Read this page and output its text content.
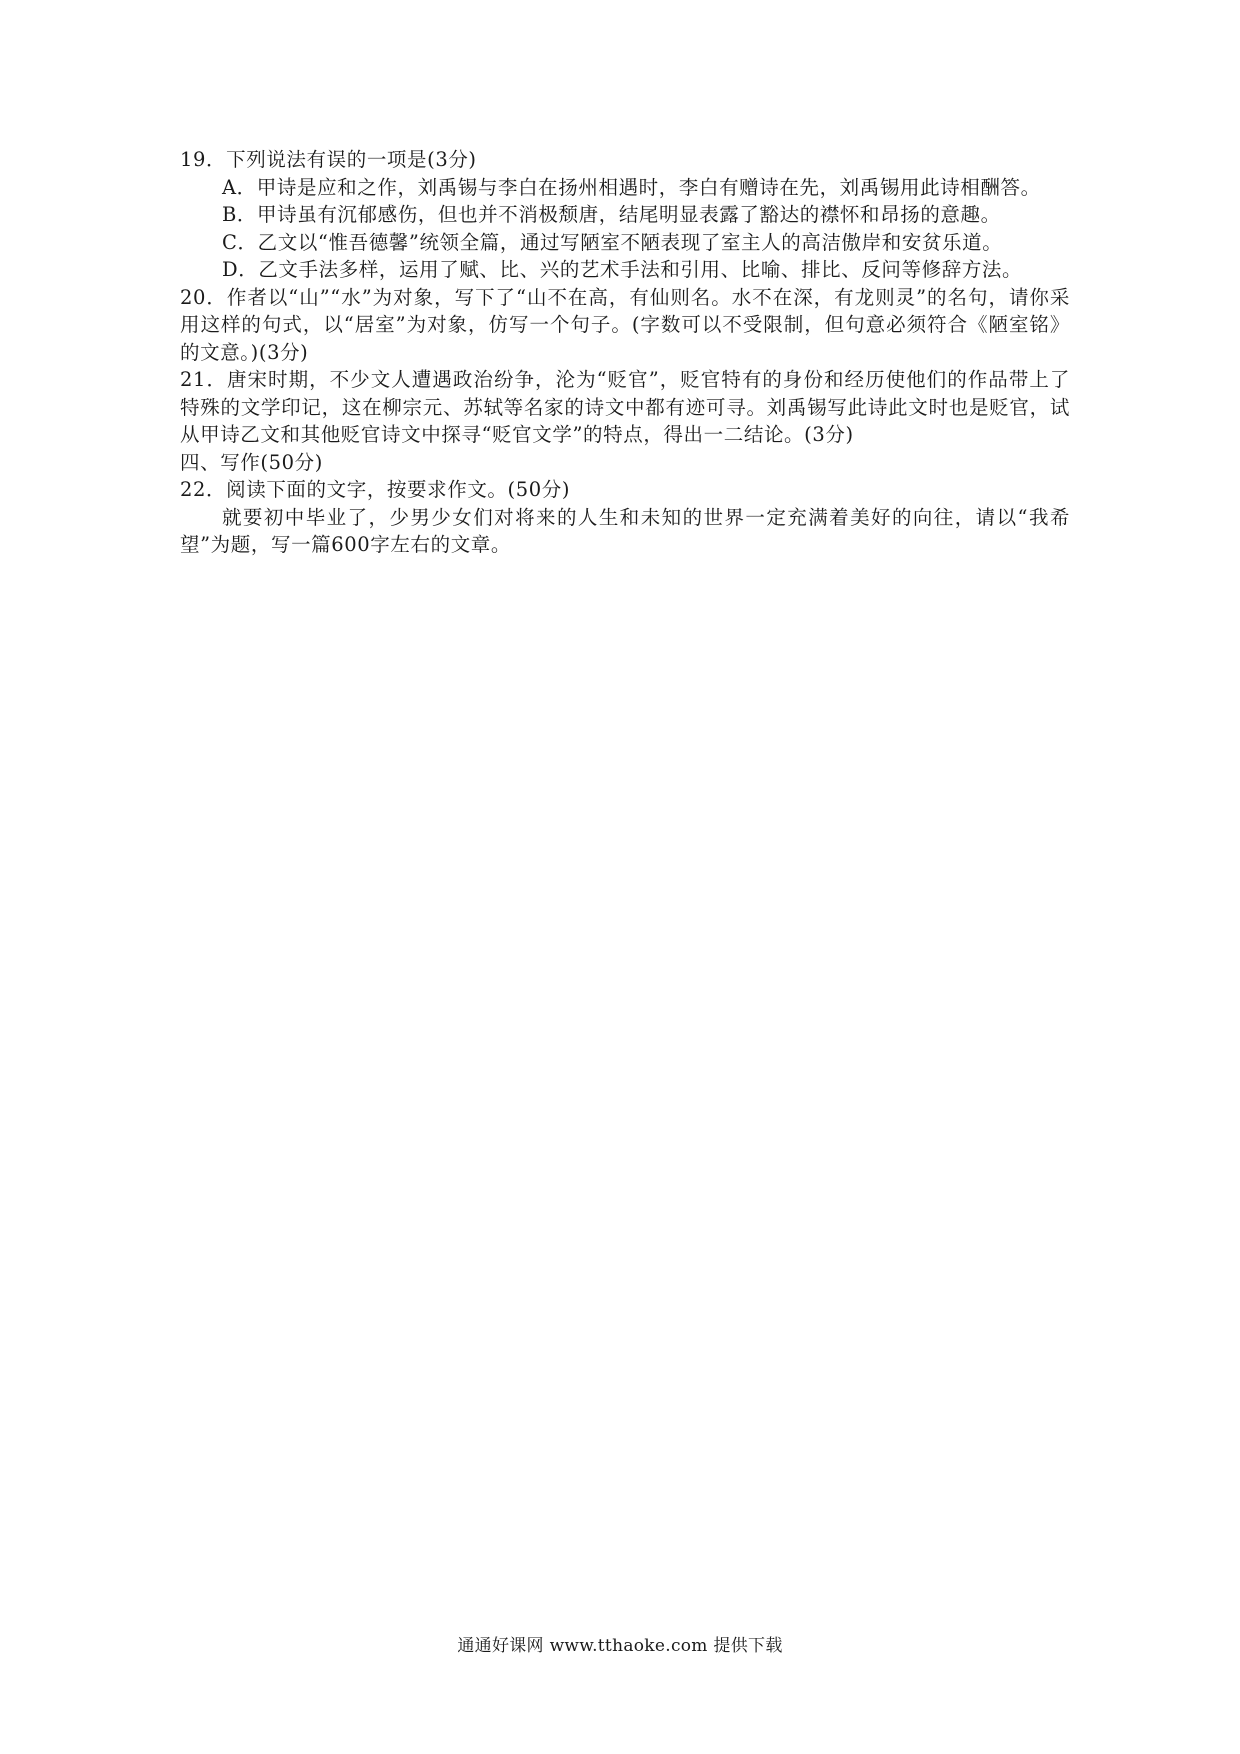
19．下列说法有误的一项是(3分)
A．甲诗是应和之作，刘禹锡与李白在扬州相遇时，李白有赠诗在先，刘禹锡用此诗相酬答。
B．甲诗虽有沉郁感伤，但也并不消极颓唐，结尾明显表露了豁达的襟怀和昂扬的意趣。
C．乙文以“惟吾德馨”统领全篇，通过写陋室不陋表现了室主人的高洁傲岸和安贫乐道。
D．乙文手法多样，运用了赋、比、兴的艺术手法和引用、比喻、排比、反问等修辞方法。
20．作者以“山”“水”为对象，写下了“山不在高，有仙则名。水不在深，有龙则灵”的名句，请你采用这样的句式，以“居室”为对象，仿写一个句子。(字数可以不受限制，但句意必须符合《陋室铭》的文意。)(3分)
21．唐宋时期，不少文人遭遇政治纷争，沦为“贬官”，贬官特有的身份和经历使他们的作品带上了特殊的文学印记，这在柳宗元、苏轼等名家的诗文中都有迹可寻。刘禹锡写此诗此文时也是贬官，试从甲诗乙文和其他贬官诗文中探寻“贬官文学”的特点，得出一二结论。(3分)
四、写作(50分)
22．阅读下面的文字，按要求作文。(50分)
就要初中毕业了，少男少女们对将来的人生和未知的世界一定充满着美好的向往，请以“我希望”为题，写一篇600字左右的文章。
通通好课网 www.tthaoke.com 提供下载
